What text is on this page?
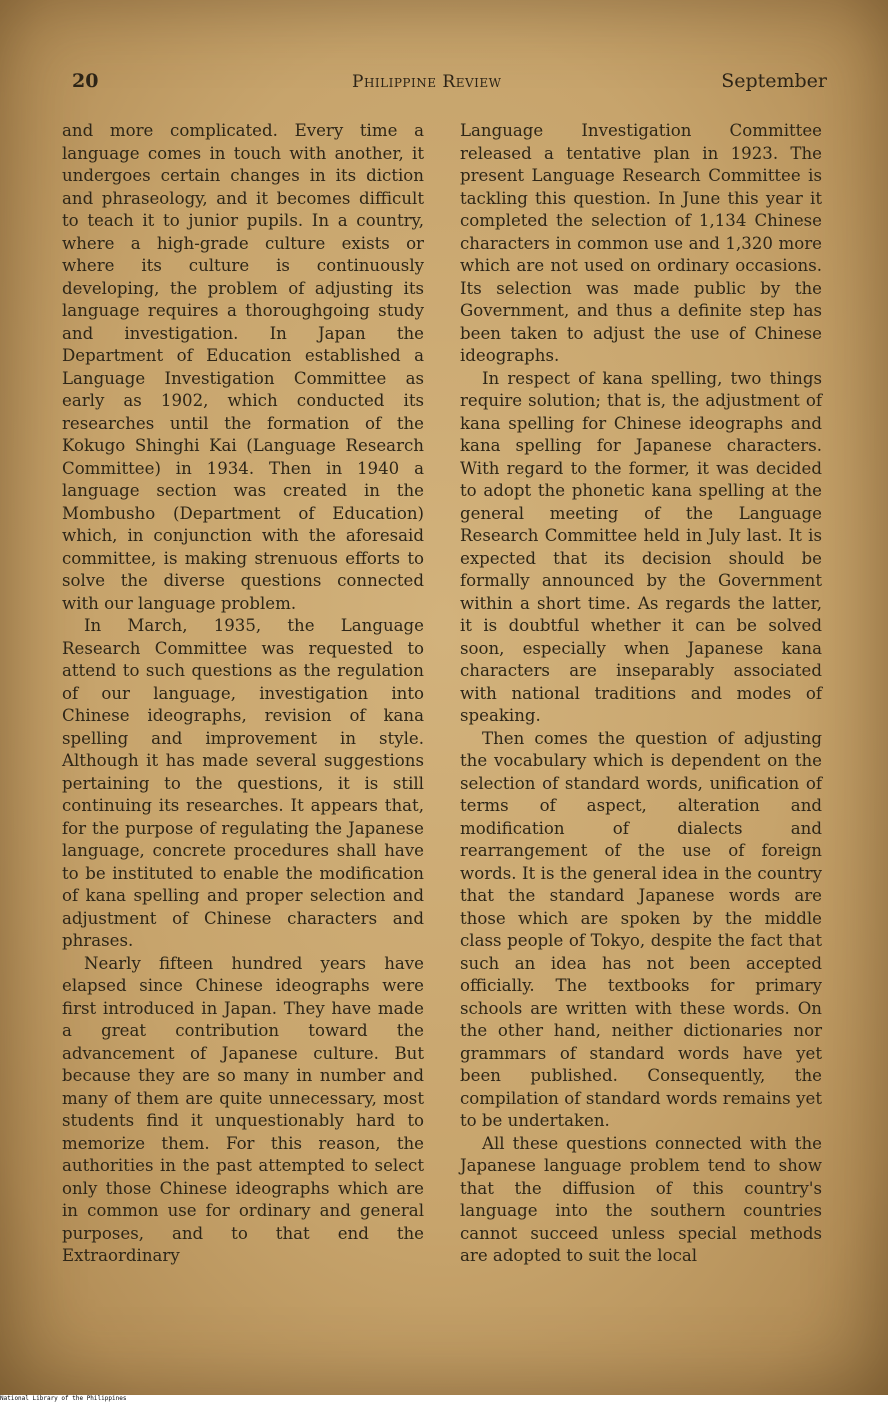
20	Philippine Review	September

and more complicated. Every time a language comes in touch with another, it undergoes certain changes in its diction and phraseology, and it becomes difficult to teach it to junior pupils. In a country, where a high-grade culture exists or where its culture is continuously developing, the problem of adjusting its language requires a thoroughgoing study and investigation. In Japan the Department of Education established a Language Investigation Committee as early as 1902, which conducted its researches until the formation of the Kokugo Shinghi Kai (Language Research Committee) in 1934. Then in 1940 a language section was created in the Mombusho (Department of Education) which, in conjunction with the aforesaid committee, is making strenuous efforts to solve the diverse questions connected with our language problem.

In March, 1935, the Language Research Committee was requested to attend to such questions as the regulation of our language, investigation into Chinese ideographs, revision of kana spelling and improvement in style. Although it has made several suggestions pertaining to the questions, it is still continuing its researches. It appears that, for the purpose of regulating the Japanese language, concrete procedures shall have to be instituted to enable the modification of kana spelling and proper selection and adjustment of Chinese characters and phrases.

Nearly fifteen hundred years have elapsed since Chinese ideographs were first introduced in Japan. They have made a great contribution toward the advancement of Japanese culture. But because they are so many in number and many of them are quite unnecessary, most students find it unquestionably hard to memorize them. For this reason, the authorities in the past attempted to select only those Chinese ideographs which are in common use for ordinary and general purposes, and to that end the Extraordinary

Language Investigation Committee released a tentative plan in 1923. The present Language Research Committee is tackling this question. In June this year it completed the selection of 1,134 Chinese characters in common use and 1,320 more which are not used on ordinary occasions. Its selection was made public by the Government, and thus a definite step has been taken to adjust the use of Chinese ideographs.

In respect of kana spelling, two things require solution; that is, the adjustment of kana spelling for Chinese ideographs and kana spelling for Japanese characters. With regard to the former, it was decided to adopt the phonetic kana spelling at the general meeting of the Language Research Committee held in July last. It is expected that its decision should be formally announced by the Government within a short time. As regards the latter, it is doubtful whether it can be solved soon, especially when Japanese kana characters are inseparably associated with national traditions and modes of speaking.

Then comes the question of adjusting the vocabulary which is dependent on the selection of standard words, unification of terms of aspect, alteration and modification of dialects and rearrangement of the use of foreign words. It is the general idea in the country that the standard Japanese words are those which are spoken by the middle class people of Tokyo, despite the fact that such an idea has not been accepted officially. The textbooks for primary schools are written with these words. On the other hand, neither dictionaries nor grammars of standard words have yet been published. Consequently, the compilation of standard words remains yet to be undertaken.

All these questions connected with the Japanese language problem tend to show that the diffusion of this country's language into the southern countries cannot succeed unless special methods are adopted to suit the local

National Library of the Philippines
